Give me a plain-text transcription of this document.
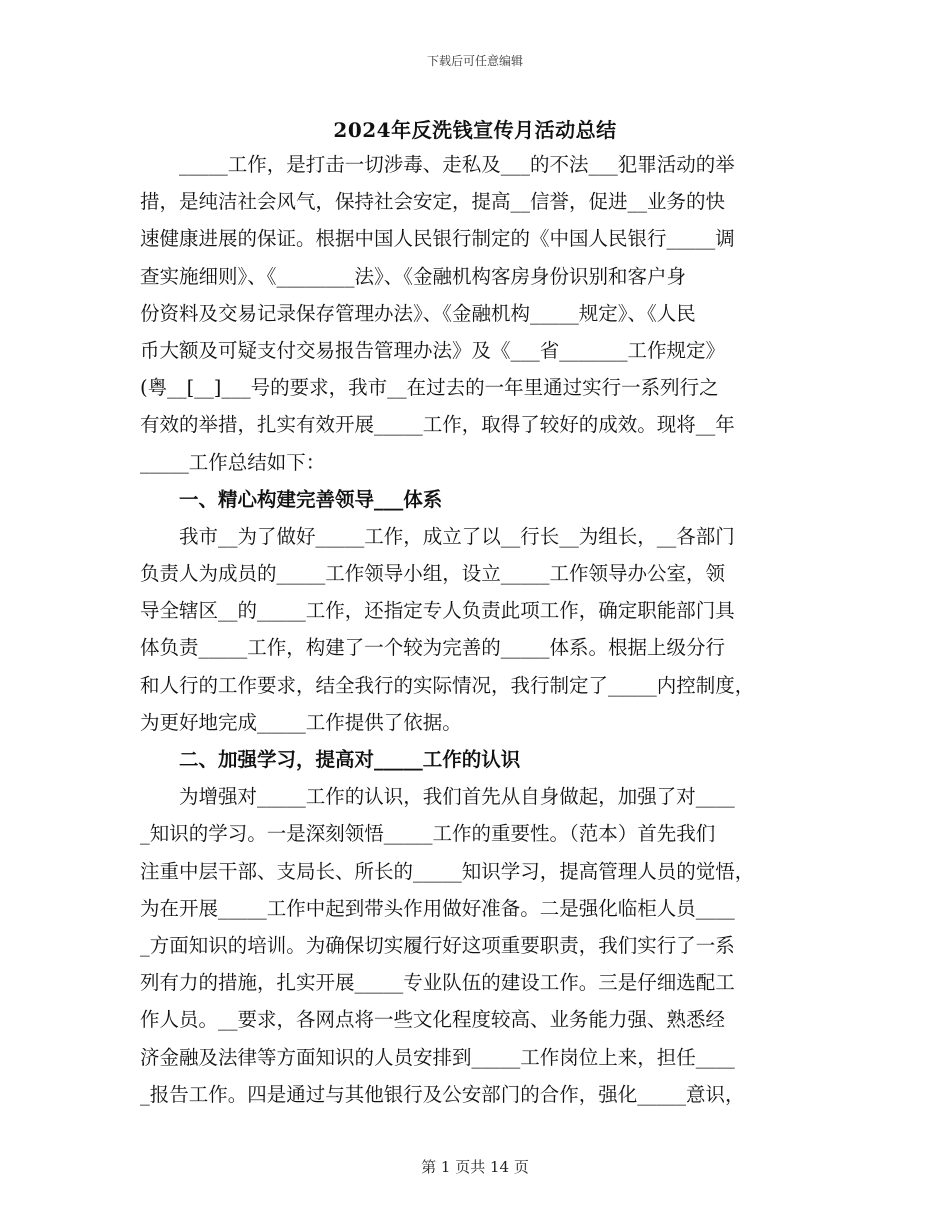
下载后可任意编辑
2024年反洗钱宣传月活动总结
_____工作，是打击一切涉毒、走私及___的不法___犯罪活动的举
措，是纯洁社会风气，保持社会安定，提高__信誉，促进__业务的快
速健康进展的保证。根据中国人民银行制定的《中国人民银行_____调
查实施细则》、《________法》、《金融机构客房身份识别和客户身
份资料及交易记录保存管理办法》、《金融机构_____规定》、《人民
币大额及可疑支付交易报告管理办法》及《___省_______工作规定》
(粤__[__]___号的要求，我市__在过去的一年里通过实行一系列行之
有效的举措，扎实有效开展_____工作，取得了较好的成效。现将__年
_____工作总结如下：
一、精心构建完善领导___体系
我市__为了做好_____工作，成立了以__行长__为组长，__各部门
负责人为成员的_____工作领导小组，设立_____工作领导办公室，领
导全辖区__的_____工作，还指定专人负责此项工作，确定职能部门具
体负责_____工作，构建了一个较为完善的_____体系。根据上级分行
和人行的工作要求，结全我行的实际情况，我行制定了_____内控制度，
为更好地完成_____工作提供了依据。
二、加强学习，提高对_____工作的认识
为增强对_____工作的认识，我们首先从自身做起，加强了对____
_知识的学习。一是深刻领悟_____工作的重要性。（范本）首先我们
注重中层干部、支局长、所长的_____知识学习，提高管理人员的觉悟，
为在开展_____工作中起到带头作用做好准备。二是强化临柜人员____
_方面知识的培训。为确保切实履行好这项重要职责，我们实行了一系
列有力的措施，扎实开展_____专业队伍的建设工作。三是仔细选配工
作人员。__要求，各网点将一些文化程度较高、业务能力强、熟悉经
济金融及法律等方面知识的人员安排到_____工作岗位上来，担任____
_报告工作。四是通过与其他银行及公安部门的合作，强化_____意识，
第 1 页共 14 页
